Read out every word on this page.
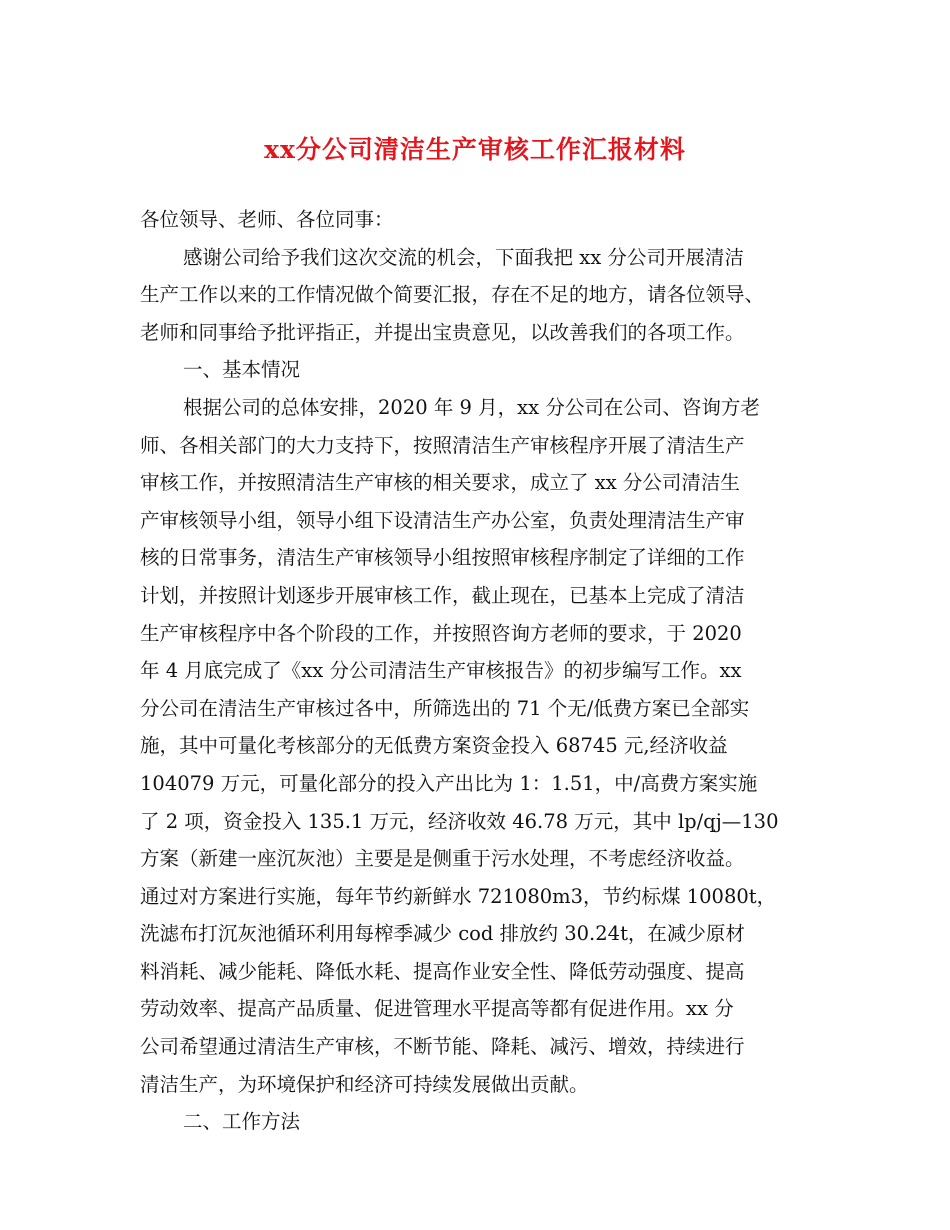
xx分公司清洁生产审核工作汇报材料
各位领导、老师、各位同事：
感谢公司给予我们这次交流的机会，下面我把 xx 分公司开展清洁
生产工作以来的工作情况做个简要汇报，存在不足的地方，请各位领导、
老师和同事给予批评指正，并提出宝贵意见，以改善我们的各项工作。
一、基本情况
根据公司的总体安排，2020 年 9 月，xx 分公司在公司、咨询方老
师、各相关部门的大力支持下，按照清洁生产审核程序开展了清洁生产
审核工作，并按照清洁生产审核的相关要求，成立了 xx 分公司清洁生
产审核领导小组，领导小组下设清洁生产办公室，负责处理清洁生产审
核的日常事务，清洁生产审核领导小组按照审核程序制定了详细的工作
计划，并按照计划逐步开展审核工作，截止现在，已基本上完成了清洁
生产审核程序中各个阶段的工作，并按照咨询方老师的要求，于 2020
年 4 月底完成了《xx 分公司清洁生产审核报告》的初步编写工作。xx
分公司在清洁生产审核过各中，所筛选出的 71 个无/低费方案已全部实
施，其中可量化考核部分的无低费方案资金投入 68745 元,经济收益
104079 万元，可量化部分的投入产出比为 1：1.51，中/高费方案实施
了 2 项，资金投入 135.1 万元，经济收效 46.78 万元，其中 lp/qj—130
方案（新建一座沉灰池）主要是是侧重于污水处理，不考虑经济收益。
通过对方案进行实施，每年节约新鲜水 721080m3，节约标煤 10080t，
洗滤布打沉灰池循环利用每榨季减少 cod 排放约 30.24t，在减少原材
料消耗、减少能耗、降低水耗、提高作业安全性、降低劳动强度、提高
劳动效率、提高产品质量、促进管理水平提高等都有促进作用。xx 分
公司希望通过清洁生产审核，不断节能、降耗、减污、增效，持续进行
清洁生产，为环境保护和经济可持续发展做出贡献。
二、工作方法
